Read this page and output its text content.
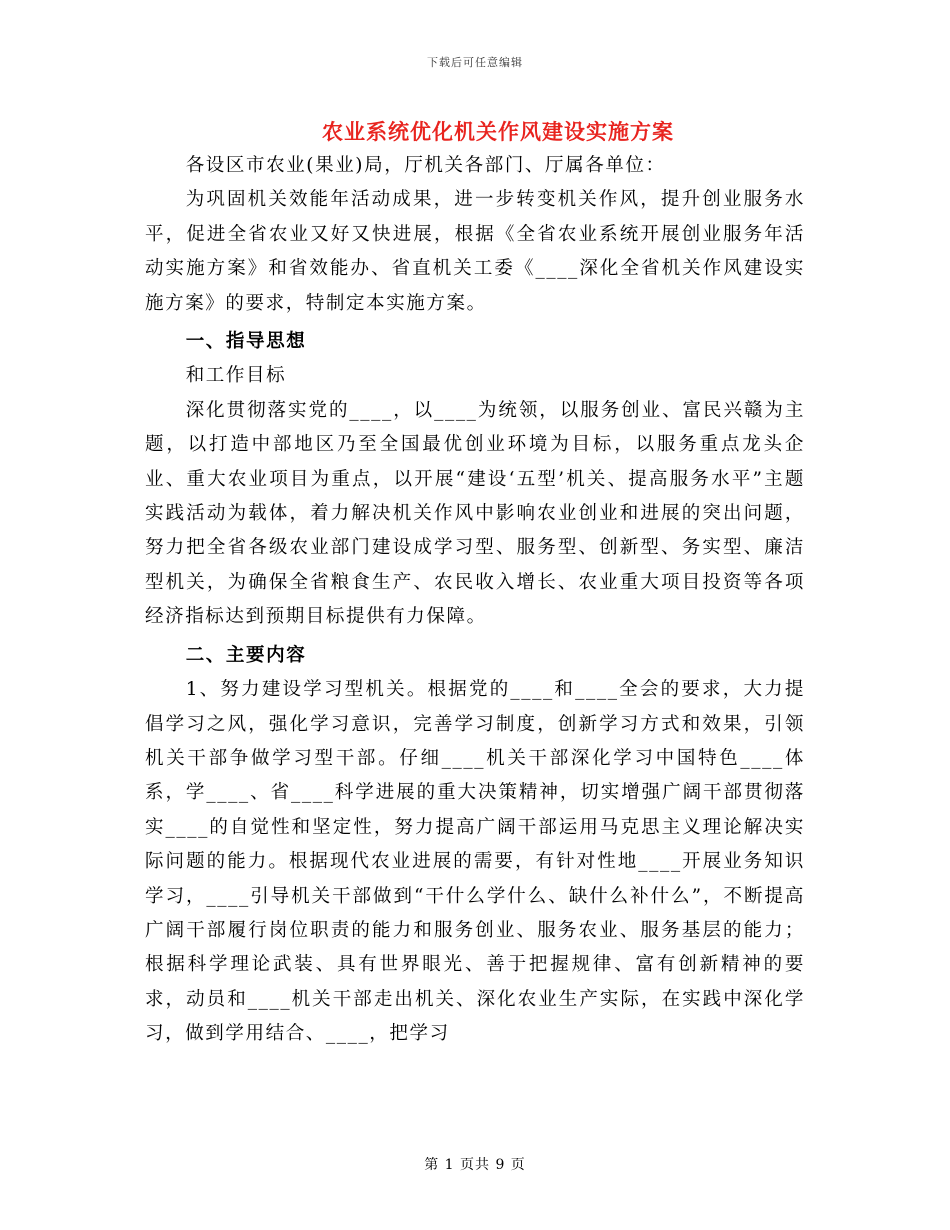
下载后可任意编辑
农业系统优化机关作风建设实施方案

各设区市农业(果业)局，厅机关各部门、厅属各单位：

为巩固机关效能年活动成果，进一步转变机关作风，提升创业服务水平，促进全省农业又好又快进展，根据《全省农业系统开展创业服务年活动实施方案》和省效能办、省直机关工委《____深化全省机关作风建设实施方案》的要求，特制定本实施方案。

一、指导思想

和工作目标

深化贯彻落实党的____，以____为统领，以服务创业、富民兴赣为主题，以打造中部地区乃至全国最优创业环境为目标，以服务重点龙头企业、重大农业项目为重点，以开展“建设‘五型’机关、提高服务水平”主题实践活动为载体，着力解决机关作风中影响农业创业和进展的突出问题，努力把全省各级农业部门建设成学习型、服务型、创新型、务实型、廉洁型机关，为确保全省粮食生产、农民收入增长、农业重大项目投资等各项经济指标达到预期目标提供有力保障。

二、主要内容

1、努力建设学习型机关。根据党的____和____全会的要求，大力提倡学习之风，强化学习意识，完善学习制度，创新学习方式和效果，引领机关干部争做学习型干部。仔细____机关干部深化学习中国特色____体系，学____、省____科学进展的重大决策精神，切实增强广阔干部贯彻落实____的自觉性和坚定性，努力提高广阔干部运用马克思主义理论解决实际问题的能力。根据现代农业进展的需要，有针对性地____开展业务知识学习，____引导机关干部做到“干什么学什么、缺什么补什么”，不断提高广阔干部履行岗位职责的能力和服务创业、服务农业、服务基层的能力；根据科学理论武装、具有世界眼光、善于把握规律、富有创新精神的要求，动员和____机关干部走出机关、深化农业生产实际，在实践中深化学习，做到学用结合、____，把学习

第 1 页共 9 页
